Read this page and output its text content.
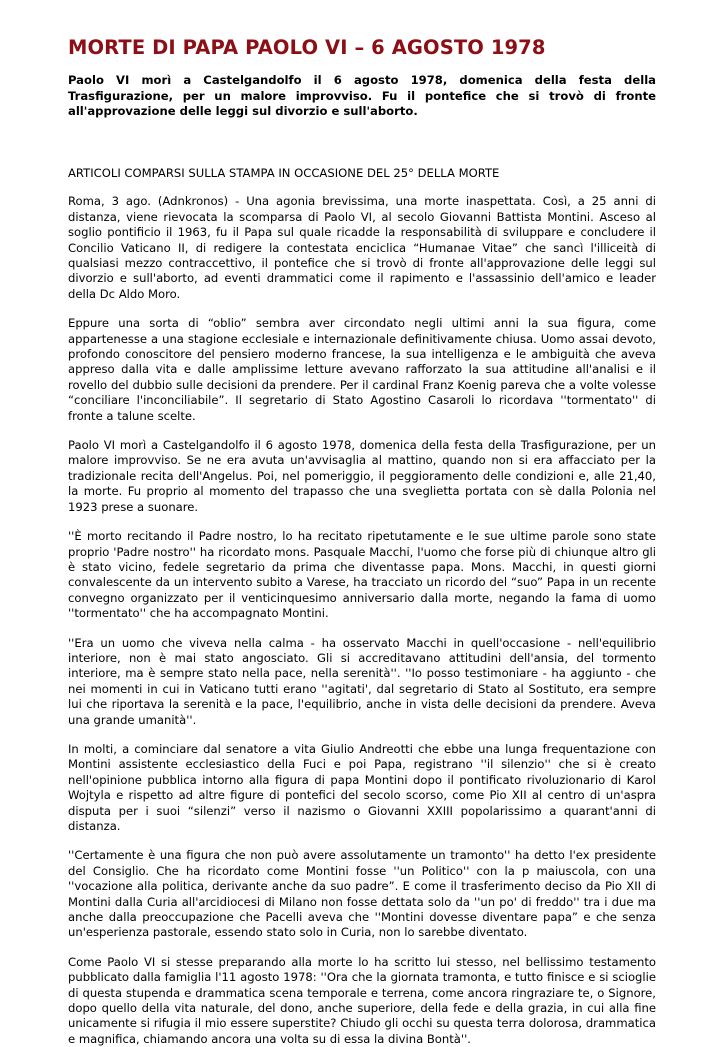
MORTE DI PAPA PAOLO VI – 6 AGOSTO 1978

Paolo VI morì a Castelgandolfo il 6 agosto 1978, domenica della festa della Trasfigurazione, per un malore improvviso. Fu il pontefice che si trovò di fronte all'approvazione delle leggi sul divorzio e sull'aborto.

ARTICOLI COMPARSI SULLA STAMPA IN OCCASIONE DEL 25° DELLA MORTE

Roma, 3 ago. (Adnkronos) - Una agonia brevissima, una morte inaspettata. Così, a 25 anni di distanza, viene rievocata la scomparsa di Paolo VI, al secolo Giovanni Battista Montini. Asceso al soglio pontificio il 1963, fu il Papa sul quale ricadde la responsabilità di sviluppare e concludere il Concilio Vaticano II, di redigere la contestata enciclica “Humanae Vitae” che sancì l'illiceità di qualsiasi mezzo contraccettivo, il pontefice che si trovò di fronte all'approvazione delle leggi sul divorzio e sull'aborto, ad eventi drammatici come il rapimento e l'assassinio dell'amico e leader della Dc Aldo Moro.

Eppure una sorta di “oblio” sembra aver circondato negli ultimi anni la sua figura, come appartenesse a una stagione ecclesiale e internazionale definitivamente chiusa. Uomo assai devoto, profondo conoscitore del pensiero moderno francese, la sua intelligenza e le ambiguità che aveva appreso dalla vita e dalle amplissime letture avevano rafforzato la sua attitudine all'analisi e il rovello del dubbio sulle decisioni da prendere. Per il cardinal Franz Koenig pareva che a volte volesse “conciliare l'inconciliabile”. Il segretario di Stato Agostino Casaroli lo ricordava ''tormentato'' di fronte a talune scelte.

Paolo VI morì a Castelgandolfo il 6 agosto 1978, domenica della festa della Trasfigurazione, per un malore improvviso. Se ne era avuta un'avvisaglia al mattino, quando non si era affacciato per la tradizionale recita dell'Angelus. Poi, nel pomeriggio, il peggioramento delle condizioni e, alle 21,40, la morte. Fu proprio al momento del trapasso che una sveglietta portata con sè dalla Polonia nel 1923 prese a suonare.

''È morto recitando il Padre nostro, lo ha recitato ripetutamente e le sue ultime parole sono state proprio 'Padre nostro'' ha ricordato mons. Pasquale Macchi, l'uomo che forse più di chiunque altro gli è stato vicino, fedele segretario da prima che diventasse papa. Mons. Macchi, in questi giorni convalescente da un intervento subito a Varese, ha tracciato un ricordo del “suo” Papa in un recente convegno organizzato per il venticinquesimo anniversario dalla morte, negando la fama di uomo ''tormentato'' che ha accompagnato Montini.

''Era un uomo che viveva nella calma - ha osservato Macchi in quell'occasione - nell'equilibrio interiore, non è mai stato angosciato. Gli si accreditavano attitudini dell'ansia, del tormento interiore, ma è sempre stato nella pace, nella serenità''. ''Io posso testimoniare - ha aggiunto - che nei momenti in cui in Vaticano tutti erano ''agitati', dal segretario di Stato al Sostituto, era sempre lui che riportava la serenità e la pace, l'equilibrio, anche in vista delle decisioni da prendere. Aveva una grande umanità''.

In molti, a cominciare dal senatore a vita Giulio Andreotti che ebbe una lunga frequentazione con Montini assistente ecclesiastico della Fuci e poi Papa, registrano ''il silenzio'' che si è creato nell'opinione pubblica intorno alla figura di papa Montini dopo il pontificato rivoluzionario di Karol Wojtyla e rispetto ad altre figure di pontefici del secolo scorso, come Pio XII al centro di un'aspra disputa per i suoi “silenzi” verso il nazismo o Giovanni XXIII popolarissimo a quarant'anni di distanza.

''Certamente è una figura che non può avere assolutamente un tramonto'' ha detto l'ex presidente del Consiglio. Che ha ricordato come Montini fosse ''un Politico'' con la p maiuscola, con una ''vocazione alla politica, derivante anche da suo padre”. E come il trasferimento deciso da Pio XII di Montini dalla Curia all'arcidiocesi di Milano non fosse dettata solo da ''un po' di freddo'' tra i due ma anche dalla preoccupazione che Pacelli aveva che ''Montini dovesse diventare papa” e che senza un'esperienza pastorale, essendo stato solo in Curia, non lo sarebbe diventato.

Come Paolo VI si stesse preparando alla morte lo ha scritto lui stesso, nel bellissimo testamento pubblicato dalla famiglia l'11 agosto 1978: ''Ora che la giornata tramonta, e tutto finisce e si scioglie di questa stupenda e drammatica scena temporale e terrena, come ancora ringraziare te, o Signore, dopo quello della vita naturale, del dono, anche superiore, della fede e della grazia, in cui alla fine unicamente si rifugia il mio essere superstite? Chiudo gli occhi su questa terra dolorosa, drammatica e magnifica, chiamando ancora una volta su di essa la divina Bontà''.
